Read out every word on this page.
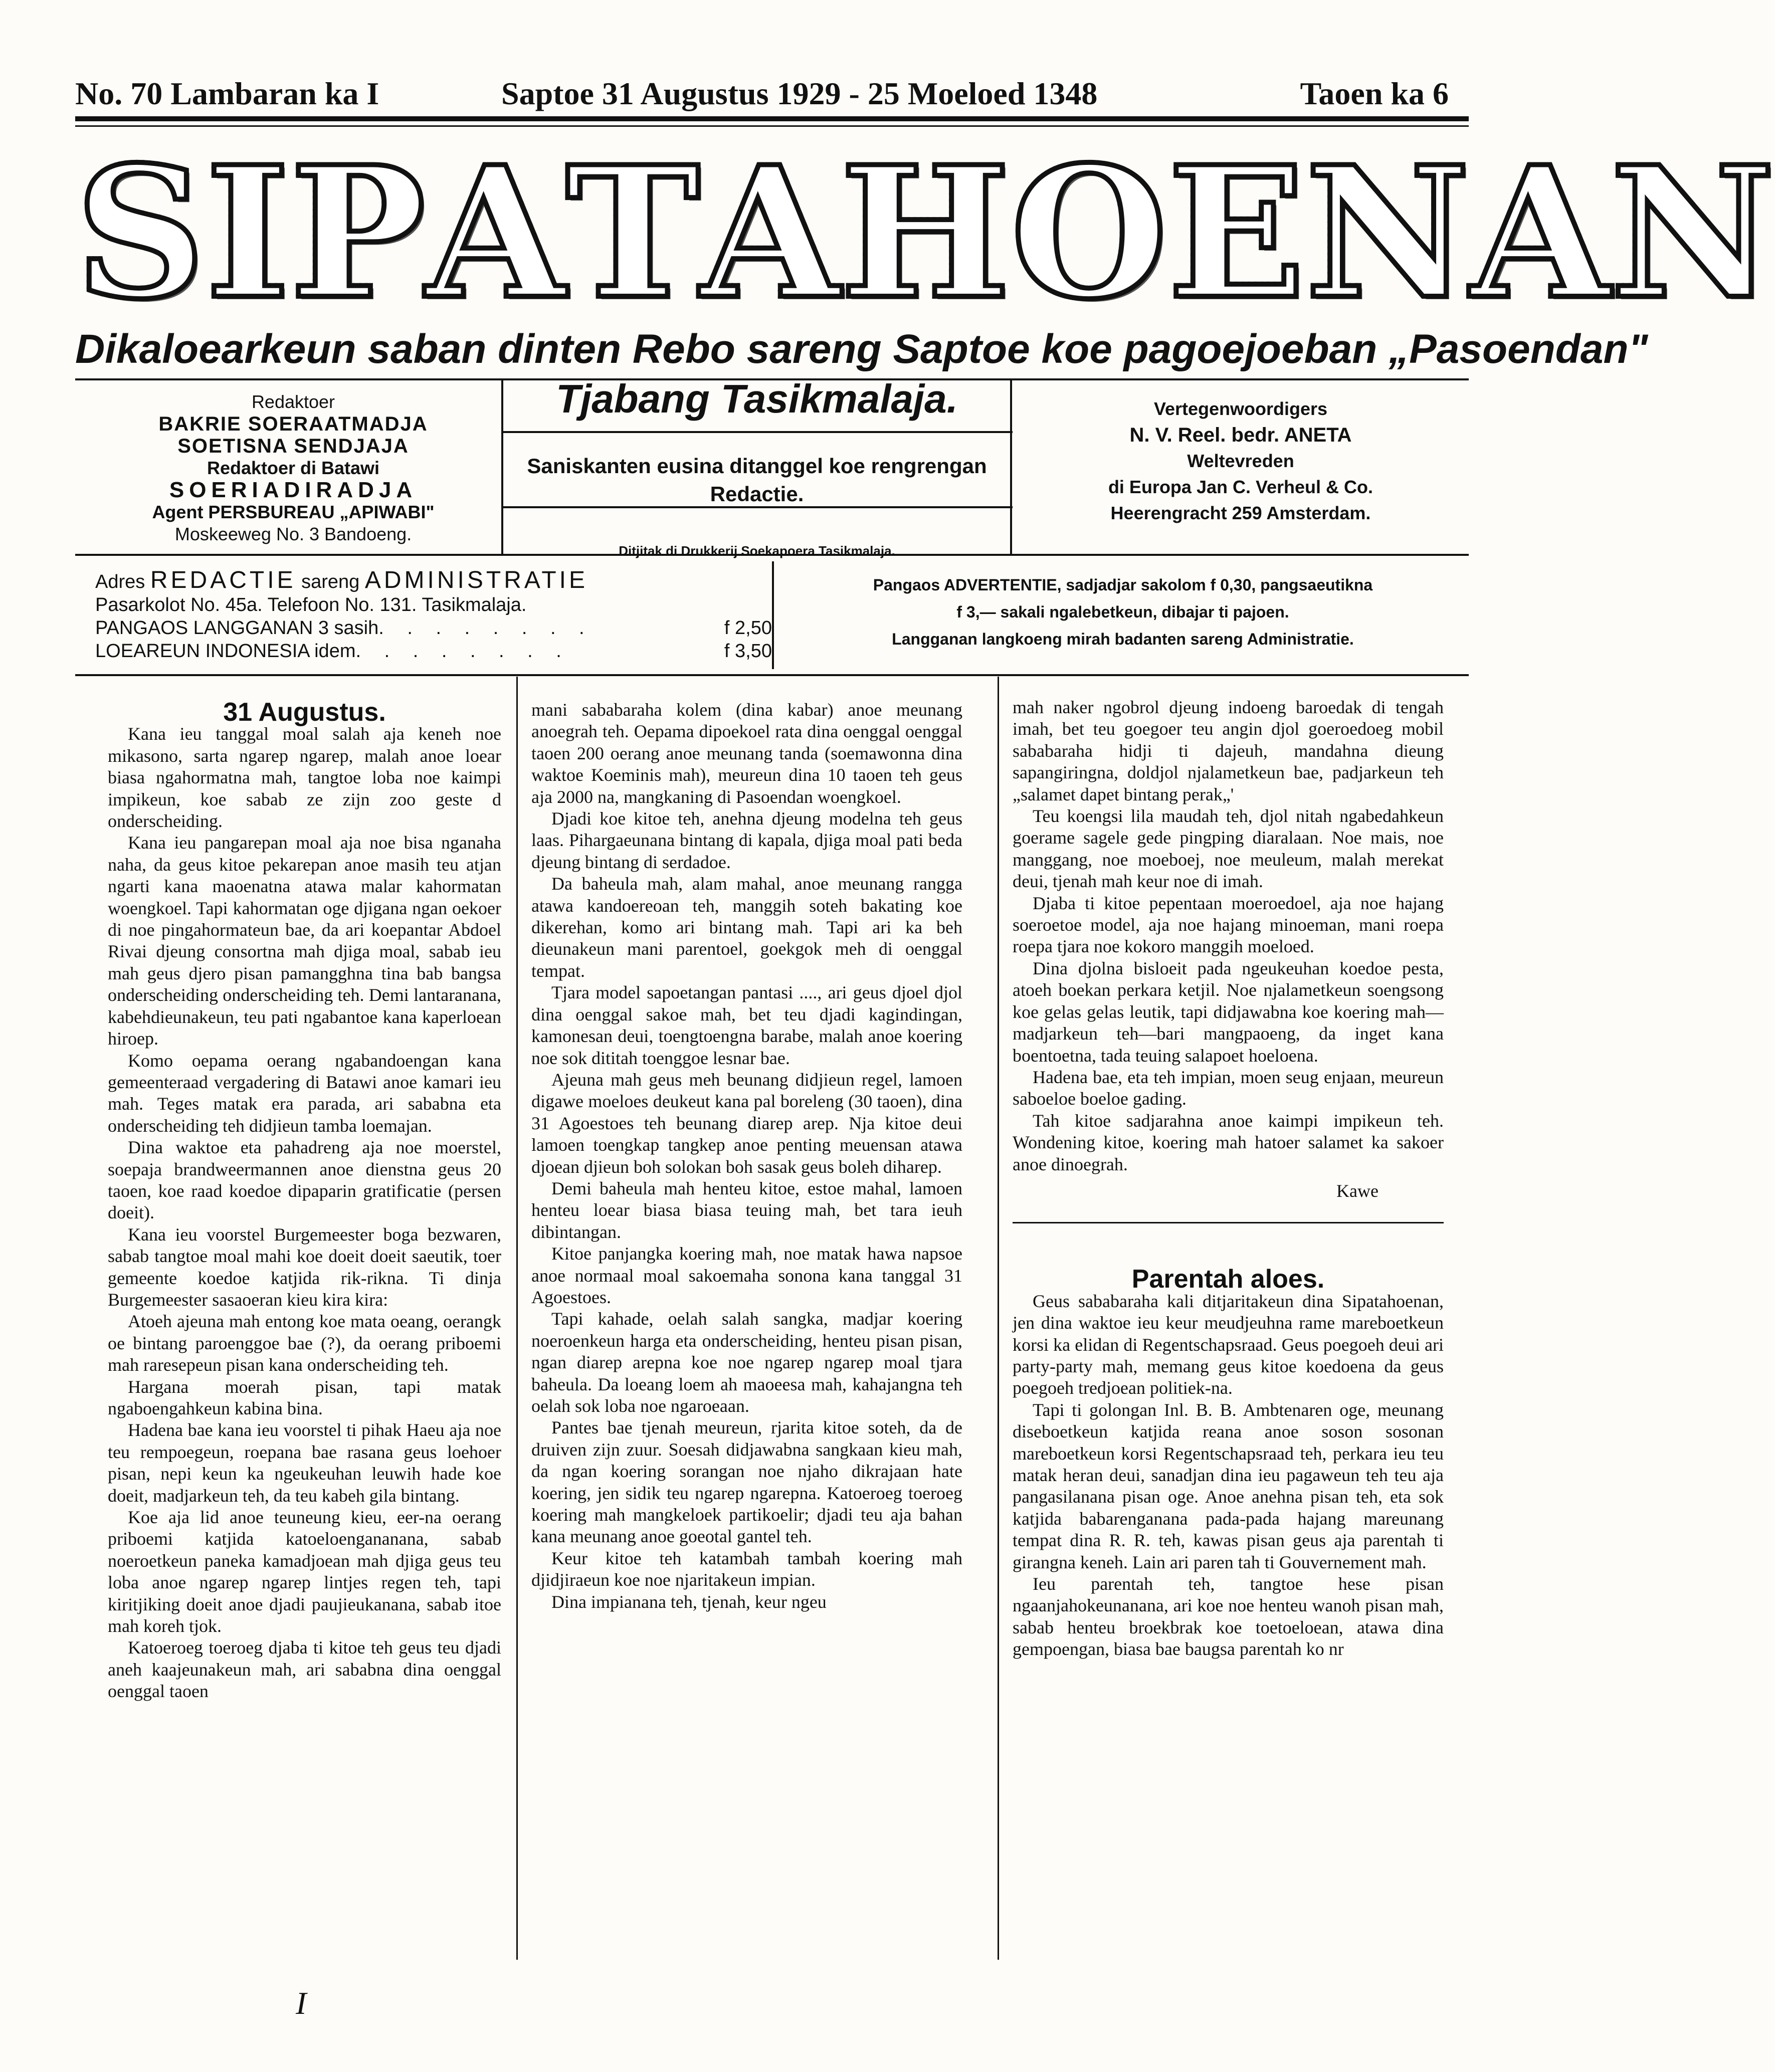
No. 70 Lambaran ka I	Saptoe 31 Augustus 1929 - 25 Moeloed 1348	Taoen ka 6
S I P A T A H O E N A N
Dikaloearkeun saban dinten Rebo sareng Saptoe koe pagoejoeban „Pasoendan"
Redaktoer
BAKRIE SOERAATMADJA
SOETISNA SENDJAJA
Redaktoer di Batawi
SOERIADIRADJA
Agent PERSBUREAU „APIWABI"
Moskeeweg No. 3 Bandoeng.
Tjabang Tasikmalaja.
Saniskanten eusina ditanggel koe rengrengan
Redactie.
Ditjitak di Drukkerij Soekapoera Tasikmalaja.
Vertegenwoordigers
N. V. Reel. bedr. ANETA
Weltevreden
di Europa Jan C. Verheul & Co.
Heerengracht 259 Amsterdam.
Adres REDACTIE sareng ADMINISTRATIE
Pasarkolot No. 45a. Telefoon No. 131. Tasikmalaja.
PANGAOS LANGGANAN 3 sasih . . . . . . . .	f 2,50
LOEAREUN INDONESIA idem . . . . . . . .	f 3,50
Pangaos ADVERTENTIE, sadjadjar sakolom f 0,30, pangsaeutikna
f 3,— sakali ngalebetkeun, dibajar ti pajoen.
Langganan langkoeng mirah badanten sareng Administratie.

31 Augustus.

Kana ieu tanggal moal salah aja keneh noe mikasono, sarta ngarep ngarep, malah anoe loear biasa ngahormatna mah, tangtoe loba noe kaimpi impikeun, koe sabab ze zijn zoo geste d onderscheiding.

Kana ieu pangarepan moal aja noe bisa nganaha naha, da geus kitoe pekarepan anoe masih teu atjan ngarti kana maoenatna atawa malar kahormatan woengkoel. Tapi kahormatan oge djigana ngan oekoer di noe pingahormateun bae, da ari koepantar Abdoel Rivai djeung consortna mah djiga moal, sabab ieu mah geus djero pisan pamangghna tina bab bangsa onderscheiding onderscheiding teh. Demi lantaranana, kabehdieunakeun, teu pati ngabantoe kana kaperloean hiroep.

Komo oepama oerang ngabandoengan kana gemeenteraad vergadering di Batawi anoe kamari ieu mah. Teges matak era parada, ari sababna eta onderscheiding teh didjieun tamba loemajan.

Dina waktoe eta pahadreng aja noe moerstel, soepaja brandweermannen anoe dienstna geus 20 taoen, koe raad koedoe dipaparin gratificatie (persen doeit).

Kana ieu voorstel Burgemeester boga bezwaren, sabab tangtoe moal mahi koe doeit doeit saeutik, toer gemeente koedoe katjida rik-rikna. Ti dinja Burgemeester sasaoeran kieu kira kira:

Atoeh ajeuna mah entong koe mata oeang, oerangk oe bintang paroenggoe bae (?), da oerang priboemi mah raresepeun pisan kana onderscheiding teh.

Hargana moerah pisan, tapi matak ngabοengahkeun kabina bina.

Hadena bae kana ieu voorstel ti pihak Haeu aja noe teu rempoegeun, roepana bae rasana geus loehoer pisan, nepi keun ka ngeukeuhan leuwih hade koe doeit, madjarkeun teh, da teu kabeh gila bintang.

Koe aja lid anoe teuneung kieu, eer-na oerang priboemi katjida katoeloengananana, sabab noeroetkeun paneka kamadjoean mah djiga geus teu loba anoe ngarep ngarep lintjes regen teh, tapi kiritjiking doeit anoe djadi paujieukanana, sabab itoe mah koreh tjok.

Katoeroeg toeroeg djaba ti kitoe teh geus teu djadi aneh kaajeunakeun mah, ari sababna dina oenggal oenggal taoen

mani sababaraha kolem (dina kabar) anoe meunang anoegrah teh. Oepama dipoekoel rata dina oenggal oenggal taoen 200 oerang anoe meunang tanda (soemawonna dina waktoe Koeminis mah), meureun dina 10 taoen teh geus aja 2000 na, mangkaning di Pasoendan woengkoel.

Djadi koe kitoe teh, anehna djeung modelna teh geus laas. Pihargaeunana bintang di kapala, djiga moal pati beda djeung bintang di serdadoe.

Da baheula mah, alam mahal, anoe meunang rangga atawa kandoereoan teh, manggih soteh bakating koe dikerehan, komo ari bintang mah. Tapi ari ka beh dieunakeun mani parentoel, goekgok meh di oenggal tempat.

Tjara model sapoetangan pantasi ...., ari geus djoel djol dina oenggal sakoe mah, bet teu djadi kagindingan, kamonesan deui, toengtoengna barabe, malah anoe koering noe sok dititah toenggoe lesnar bae.

Ajeuna mah geus meh beunang didjieun regel, lamoen digawe moeloes deukeut kana pal boreleng (30 taoen), dina 31 Agoestoes teh beunang diarep arep. Nja kitoe deui lamoen toengkap tangkep anoe penting meuensan atawa djoean djieun boh solokan boh sasak geus boleh diharep.

Demi baheula mah henteu kitoe, estoe mahal, lamoen henteu loear biasa biasa teuing mah, bet tara ieuh dibintangan.

Kitoe panjangka koering mah, noe matak hawa napsoe anoe normaal moal sakoemaha sonona kana tanggal 31 Agoestoes.

Tapi kahade, oelah salah sangka, madjar koering noeroenkeun harga eta onderscheiding, henteu pisan pisan, ngan diarep arepna koe noe ngarep ngarep moal tjara baheula. Da loeang loem ah maoeesa mah, kahajangna teh oelah sok loba noe ngaroeaan.

Pantes bae tjenah meureun, rjarita kitoe soteh, da de druiven zijn zuur. Soesah didjawabna sangkaan kieu mah, da ngan koering sorangan noe njaho dikrajaan hate koering, jen sidik teu ngarep ngarepna. Katoeroeg toeroeg koering mah mangkeloek partikoelir; djadi teu aja bahan kana meunang anoe goeotal gantel teh.

Keur kitoe teh katambah tambah koering mah djidjiraeun koe noe njaritakeun impian.

Dina impianana teh, tjenah, keur ngeu

mah naker ngobrol djeung indoeng baroedak di tengah imah, bet teu goegoer teu angin djol goeroedoeg mobil sababaraha hidji ti dajeuh, mandahna dieung sapangiringna, doldjol njalametkeun bae, padjarkeun teh „salamet dapet bintang perak„'

Teu koengsi lila maudah teh, djol nitah ngabedahkeun goerame sagele gede pingping diaralaan. Noe mais, noe manggang, noe moeboej, noe meuleum, malah merekat deui, tjenah mah keur noe di imah.

Djaba ti kitoe pepentaan moeroedoel, aja noe hajang soeroetoe model, aja noe hajang minoeman, mani roepa roepa tjara noe kokoro manggih moeloed.

Dina djolna bisloeit pada ngeukeuhan koedoe pesta, atoeh boekan perkara ketjil. Noe njalametkeun soengsong koe gelas gelas leutik, tapi didjawabna koe koering mah—madjarkeun teh—bari mangpaoeng, da inget kana boentoetna, tada teuing salapoet hoeloena.

Hadena bae, eta teh impian, moen seug enjaan, meureun saboeloe boeloe gading.

Tah kitoe sadjarahna anoe kaimpi impikeun teh. Wondening kitoe, koering mah hatoer salamet ka sakoer anoe dinoegrah.

Kawe

Parentah aloes.

Geus sababaraha kali ditjaritakeun dina Sipatahoenan, jen dina waktoe ieu keur meudjeuhna rame mareboetkeun korsi ka elidan di Regentschapsraad. Geus poegoeh deui ari party-party mah, memang geus kitoe koedoena da geus poegoeh tredjoean politiek-na.

Tapi ti golongan Inl. B. B. Ambtenaren oge, meunang diseboetkeun katjida reana anoe soson sosonan mareboetkeun korsi Regentschapsraad teh, perkara ieu teu matak heran deui, sanadjan dina ieu pagaweun teh teu aja pangasilanana pisan oge. Anoe anehna pisan teh, eta sok katjida babarenganana pada-pada hajang mareunang tempat dina R. R. teh, kawas pisan geus aja parentah ti girangna keneh. Lain ari paren tah ti Gouvernement mah.

Ieu parentah teh, tangtoe hese pisan ngaanjahokeunanana, ari koe noe henteu wanoh pisan mah, sabab henteu broekbrak koe toetoeloean, atawa dina gempoengan, biasa bae baugsa parentah ko nr

I
